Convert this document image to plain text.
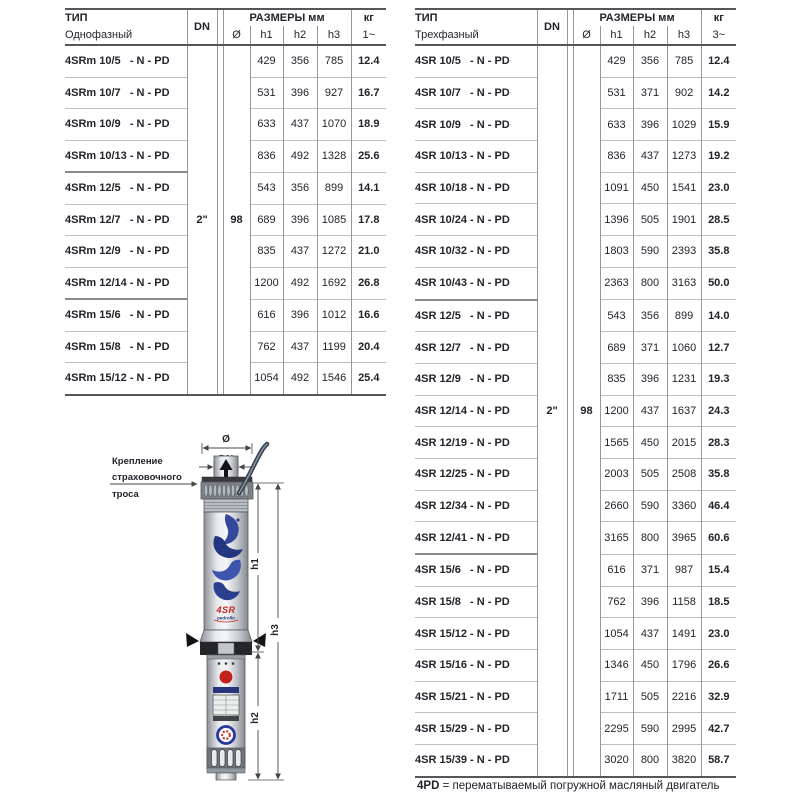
ТИП	DN		РАЗМЕРЫ мм				кг
Однофазный			Ø	h1	h2	h3	1~
4SRm 10/5   - N - PD	2"		98	429	356	785	12.4
4SRm 10/7   - N - PD				531	396	927	16.7
4SRm 10/9   - N - PD				633	437	1070	18.9
4SRm 10/13 - N - PD				836	492	1328	25.6
4SRm 12/5   - N - PD				543	356	899	14.1
4SRm 12/7   - N - PD				689	396	1085	17.8
4SRm 12/9   - N - PD				835	437	1272	21.0
4SRm 12/14 - N - PD				1200	492	1692	26.8
4SRm 15/6   - N - PD				616	396	1012	16.6
4SRm 15/8   - N - PD				762	437	1199	20.4
4SRm 15/12 - N - PD				1054	492	1546	25.4
ТИП	DN		РАЗМЕРЫ мм				кг
Трехфазный			Ø	h1	h2	h3	3~
4SR 10/5   - N - PD	2"		98	429	356	785	12.4
4SR 10/7   - N - PD				531	371	902	14.2
4SR 10/9   - N - PD				633	396	1029	15.9
4SR 10/13 - N - PD				836	437	1273	19.2
4SR 10/18 - N - PD				1091	450	1541	23.0
4SR 10/24 - N - PD				1396	505	1901	28.5
4SR 10/32 - N - PD				1803	590	2393	35.8
4SR 10/43 - N - PD				2363	800	3163	50.0
4SR 12/5   - N - PD				543	356	899	14.0
4SR 12/7   - N - PD				689	371	1060	12.7
4SR 12/9   - N - PD				835	396	1231	19.3
4SR 12/14 - N - PD				1200	437	1637	24.3
4SR 12/19 - N - PD				1565	450	2015	28.3
4SR 12/25 - N - PD				2003	505	2508	35.8
4SR 12/34 - N - PD				2660	590	3360	46.4
4SR 12/41 - N - PD				3165	800	3965	60.6
4SR 15/6   - N - PD				616	371	987	15.4
4SR 15/8   - N - PD				762	396	1158	18.5
4SR 15/12 - N - PD				1054	437	1491	23.0
4SR 15/16 - N - PD				1346	450	1796	26.6
4SR 15/21 - N - PD				1711	505	2216	32.9
4SR 15/29 - N - PD				2295	590	2995	42.7
4SR 15/39 - N - PD				3020	800	3820	58.7
Крепление
страховочного
троса
Ø
4SR
pedrollo
h1
h2
h3
4PD = перематываемый погружной масляный двигатель
